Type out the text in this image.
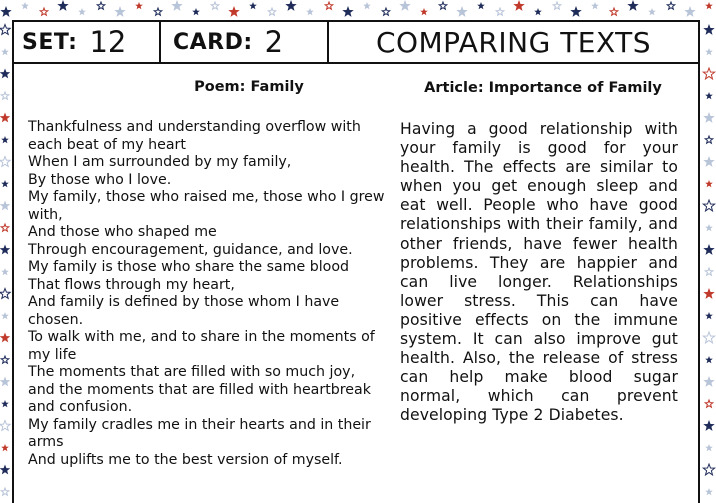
SET: 12 CARD: 2	COMPARING TEXTS
Poem: Family	Article: Importance of Family
Thankfulness and understanding overflow with
each beat of my heart
When I am surrounded by my family,
By those who I love.
My family, those who raised me, those who I grew
with,
And those who shaped me
Through encouragement, guidance, and love.
My family is those who share the same blood
That flows through my heart,
And family is defined by those whom I have
chosen.
To walk with me, and to share in the moments of
my life
The moments that are filled with so much joy,
and the moments that are filled with heartbreak
and confusion.
My family cradles me in their hearts and in their
arms
And uplifts me to the best version of myself.
Having a good relationship with your family is good for your health. The effects are similar to when you get enough sleep and eat well. People who have good relationships with their family, and other friends, have fewer health problems. They are happier and can live longer. Relationships lower stress. This can have positive effects on the immune system. It can also improve gut health. Also, the release of stress can help make blood sugar normal, which can prevent developing Type 2 Diabetes.
